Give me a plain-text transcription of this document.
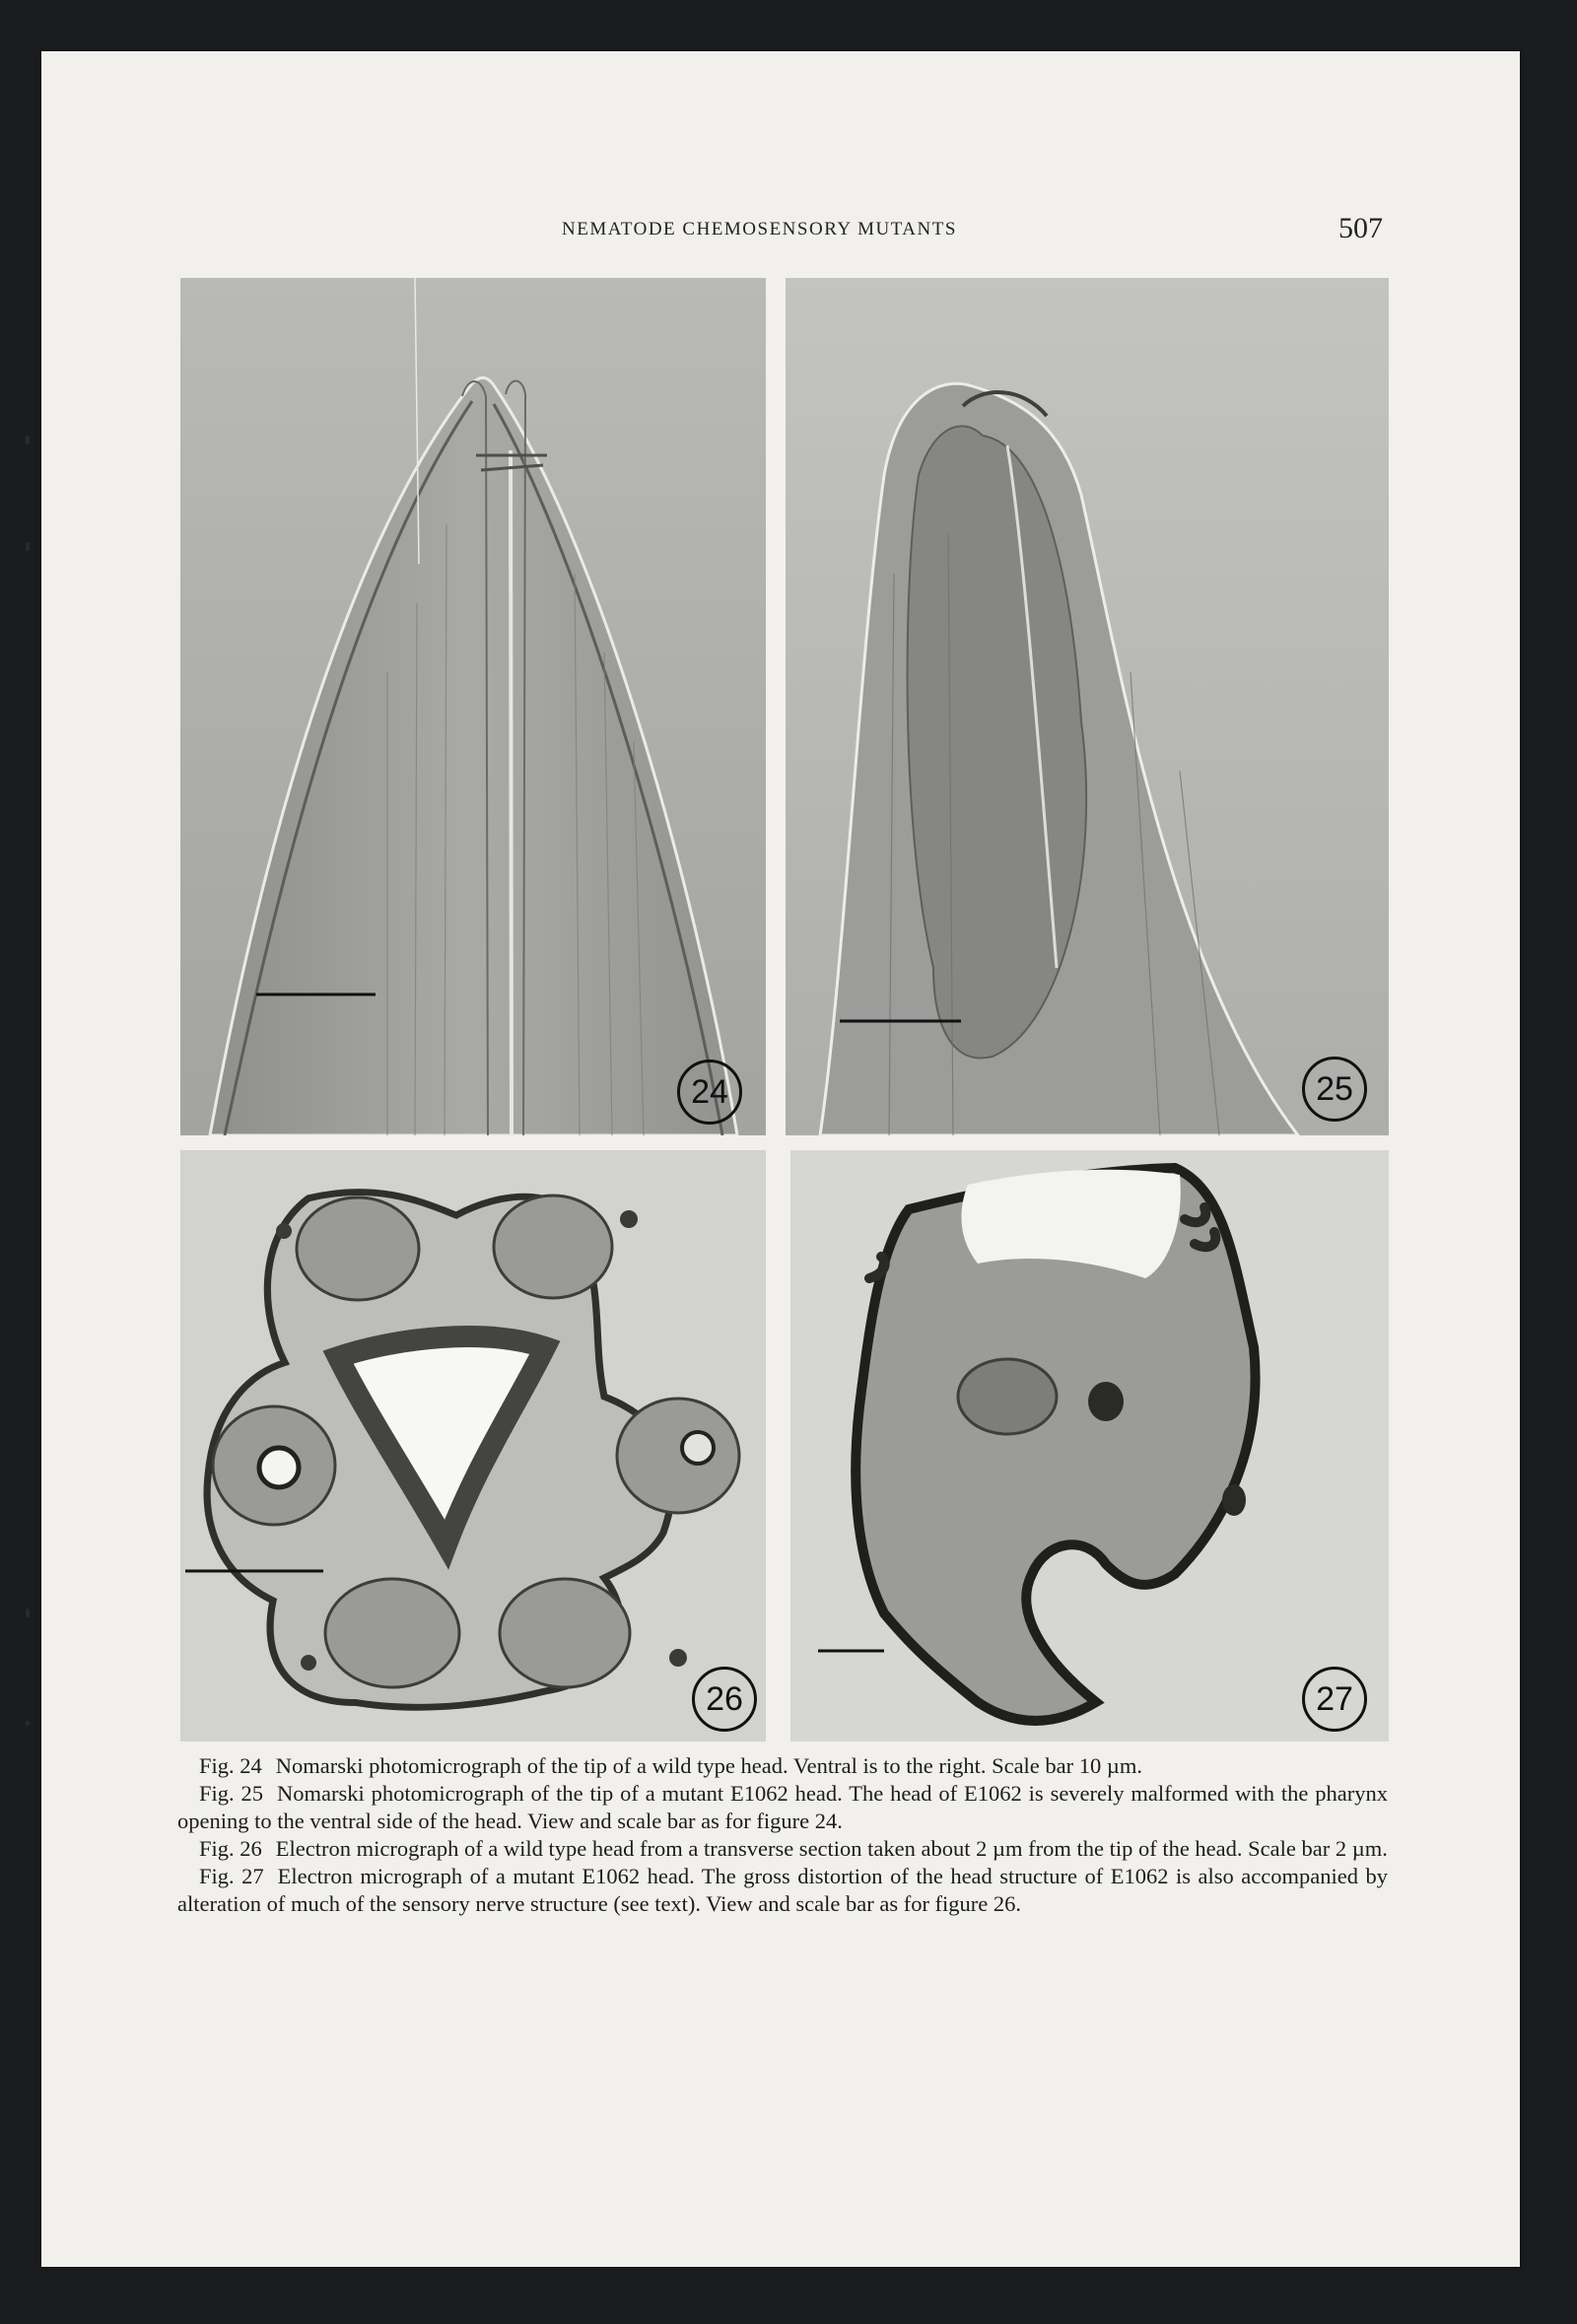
NEMATODE CHEMOSENSORY MUTANTS	507
24	25
26	27

Fig. 24 Nomarski photomicrograph of the tip of a wild type head. Ventral is to the right. Scale bar 10 µm.

Fig. 25 Nomarski photomicrograph of the tip of a mutant E1062 head. The head of E1062 is severely malformed with the pharynx opening to the ventral side of the head. View and scale bar as for figure 24.

Fig. 26 Electron micrograph of a wild type head from a transverse section taken about 2 µm from the tip of the head. Scale bar 2 µm.

Fig. 27 Electron micrograph of a mutant E1062 head. The gross distortion of the head structure of E1062 is also accompanied by alteration of much of the sensory nerve structure (see text). View and scale bar as for figure 26.
